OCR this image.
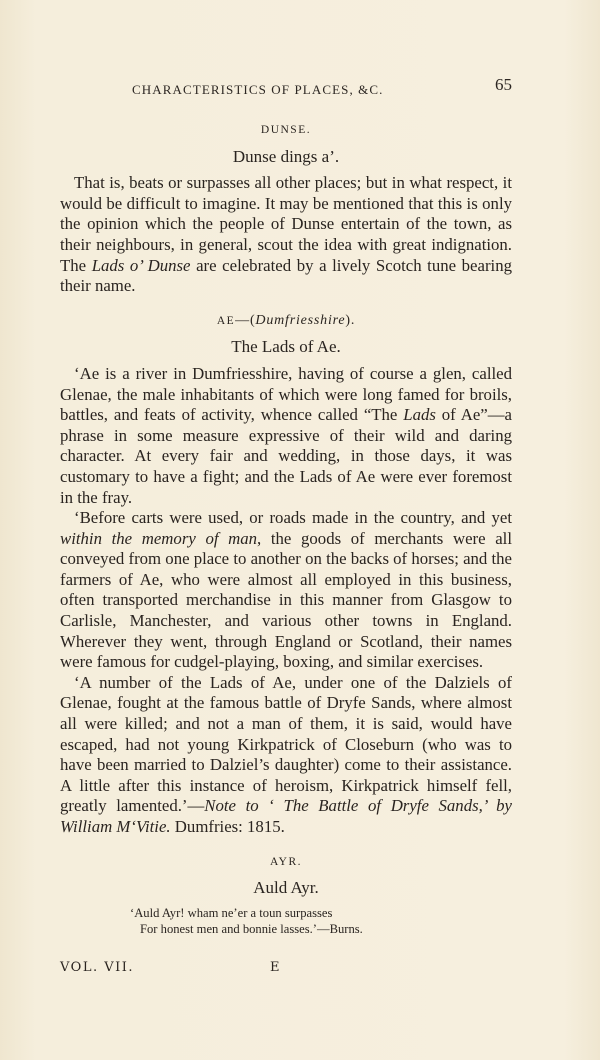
CHARACTERISTICS OF PLACES, &C.	65
DUNSE.
Dunse dings a’.

That is, beats or surpasses all other places; but in what respect, it would be difficult to imagine. It may be mentioned that this is only the opinion which the people of Dunse entertain of the town, as their neighbours, in general, scout the idea with great indignation. The Lads o’ Dunse are celebrated by a lively Scotch tune bearing their name.

AE—(Dumfriesshire).
The Lads of Ae.

‘Ae is a river in Dumfriesshire, having of course a glen, called Glenae, the male inhabitants of which were long famed for broils, battles, and feats of activity, whence called “The Lads of Ae”—a phrase in some measure expressive of their wild and daring character. At every fair and wedding, in those days, it was customary to have a fight; and the Lads of Ae were ever foremost in the fray.

‘Before carts were used, or roads made in the country, and yet within the memory of man, the goods of merchants were all conveyed from one place to another on the backs of horses; and the farmers of Ae, who were almost all employed in this business, often transported merchandise in this manner from Glasgow to Carlisle, Manchester, and various other towns in England. Wherever they went, through England or Scotland, their names were famous for cudgel-playing, boxing, and similar exercises.

‘A number of the Lads of Ae, under one of the Dalziels of Glenae, fought at the famous battle of Dryfe Sands, where almost all were killed; and not a man of them, it is said, would have escaped, had not young Kirkpatrick of Closeburn (who was to have been married to Dalziel’s daughter) come to their assistance. A little after this instance of heroism, Kirkpatrick himself fell, greatly lamented.’—Note to ‘ The Battle of Dryfe Sands,’ by William M‘Vitie. Dumfries: 1815.

AYR.
Auld Ayr.
‘Auld Ayr! wham ne’er a toun surpasses
For honest men and bonnie lasses.’—Burns.
VOL. VII.	E
